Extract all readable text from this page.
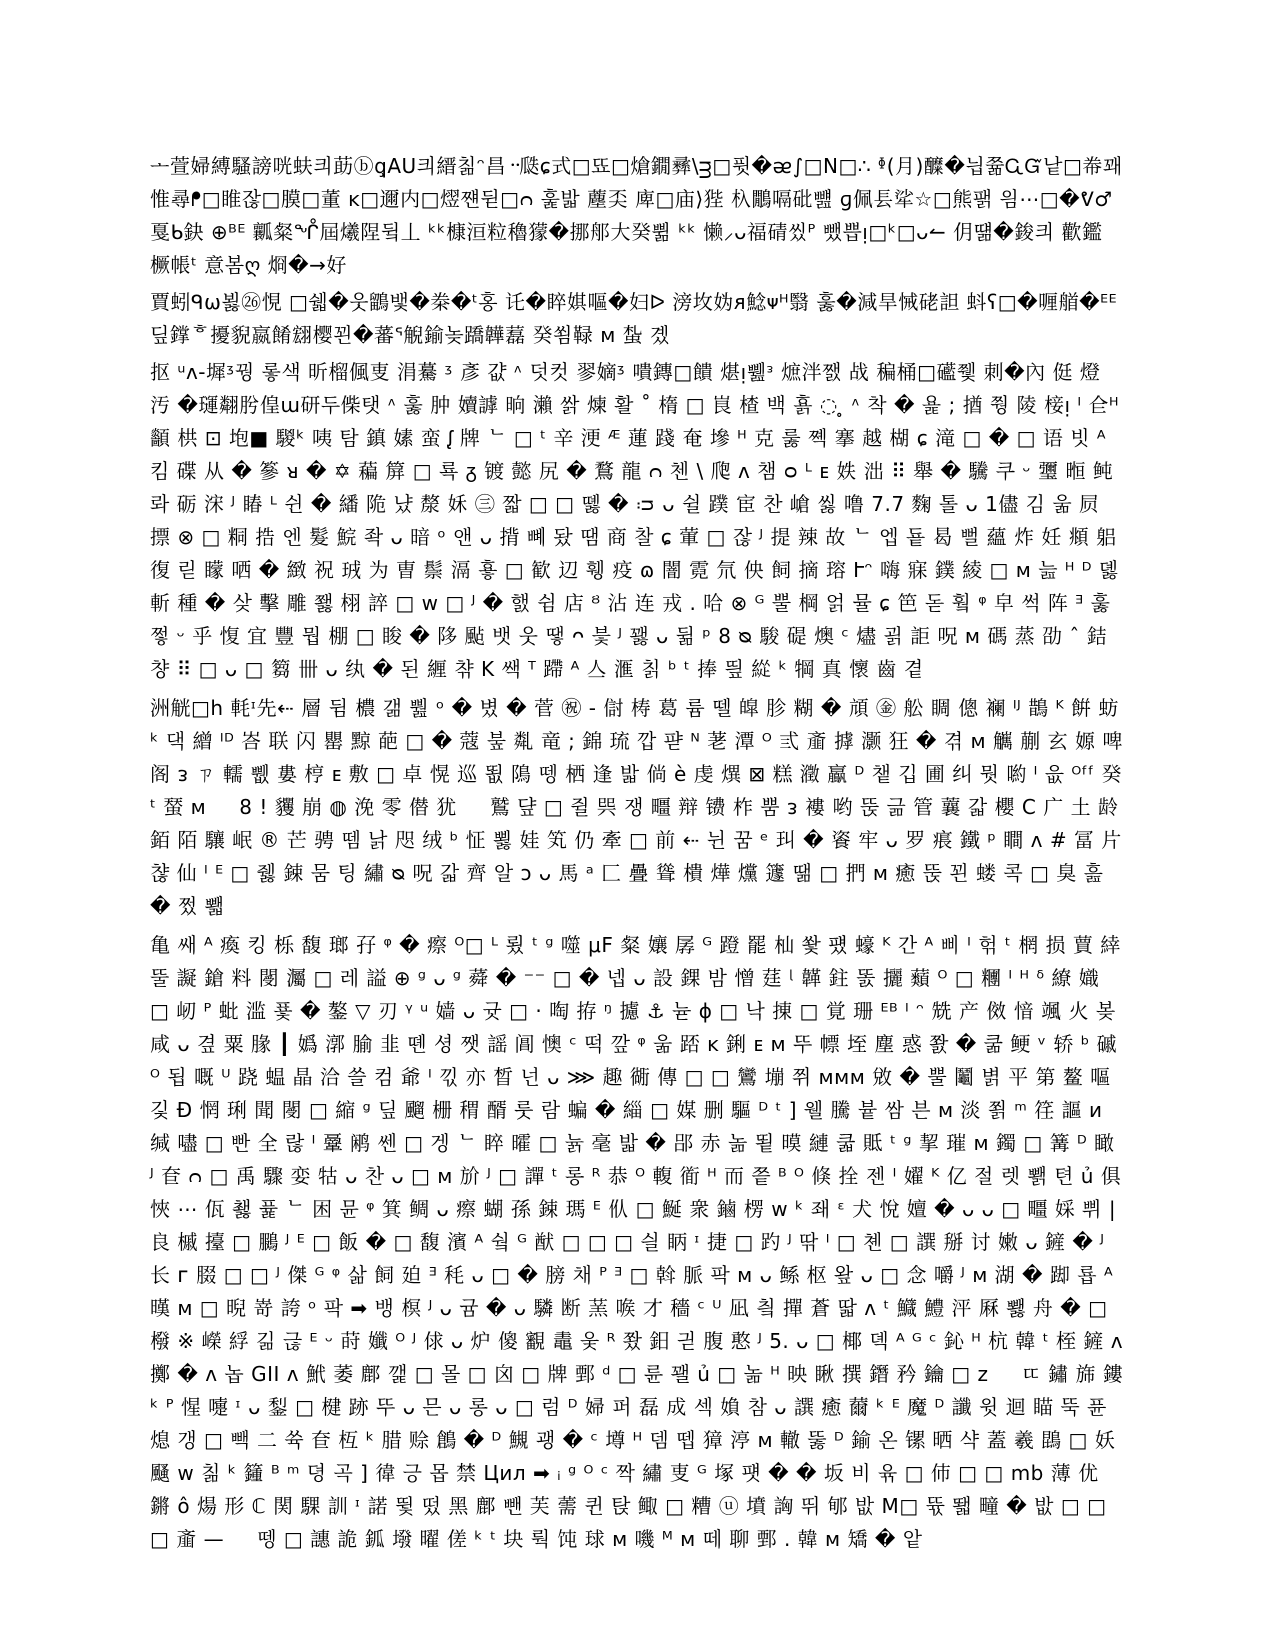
ᅩ萱婦縛騷謗咣蚨킈莇ⓑq̧AU킈縉칢ᵔ昌᠃瓞ɕ式□뚀□熗鐗彞\ᴟ□퓟�ᴂ∫□N□∴ ᶲ(月)醾�늽쯂ᏩᏳ낱□帣꽤惟尋ᖰ□睢잖□膜□董 ĸ□邇内□熤쨴뒫□ᴒ 훑밟 薼奀 庳□庙⟩狴 杁鷳嗝砒뻂 ɡ佩镸㸺☆□熊팱 읨⋯□�ᕓ♂戛ᑲ鈌 ⊕ᴮᴱ 瓤粲ᖎ屆爔陧뒼丄 ᵏᵏ槺洹粒穭獴�挪郍大癸쀪 ᵏᵏ 懒⸝ᴗ福碃씼ᴾ 뺐쁩ᴉ□ᵏ□ᴗ↼ 仴떎�鋑킈 歡鑑 橛帳ᵗ 意봄ღ 烱�→好

賈蚓ᑫω뵗㉖悓 □쉛�웃鶹뱇�桊�ᵗ홍 讬�睟娸嘔�妇ᐅ 滂坆妫ᴙ鯰ᴪᴴ翳 훓�減旱悈硓詚 蚪ʕ□�喱艏�ᴱᴱ 딮鐣ᄒ擾貎嬴餚翝樱꾄�蕃ᕐ觬鍮놎蹻韡藞 癸쐼䩮 ᴍ 蚻 곘

抠 ᵘᴧ-墀ᶾ꿩 롷색 昕榴偑叓 涓驀 ᶾ 彥 걊 ᶺ 덧컷 翏嫡ᶾ 嘳鏄□饋 煁ᴉ쀒ᵌ 熫泮쨄 战 稨桶□礷쮗 刺�內 侹 燈 汚 �璭翷肹偟ɯ研두偨탯 ᶺ 훓 肿 嬻謼 晌 瀨 쌁 煉 활 ˚ 楕 □ 峎 楂 백 횱 ◌ ̥ ᶺ 착 � 욡 ; 揂 쭹 陵 椄ᴉ ᴵ 仺ᴴ 顲 栱 ⊡ 垉■ 騣ᵏ 咦 탐 鎮 嫊 蛮 ᶘ 牌 ᄂ □ ᵗ 辛 浭 ᴭ 蓮 踐 奄 墋 ᵸ 克 룷 쪡 搴 越 楜 ɕ 滝 □ � □ 语 빗 ᴬ 킴 碟 从 � 篸 ᴚ � ✡ 藊 箳 □ 룍 ᵹ 镀 懿 尻 � 鶩 龍 ᴒ 첸 \ 爮 ᴧ 챔 ᴑ ᴸ ᴇ 妷 泏 ⠿ 舉 � 驣 쿠 ᵕ 瓕 暅 鲀 롸 砺 浨 ᴶ 睶 ᴸ 쉰 � 繙 陒 냤 漦 姀 ㊂ 짧 □ □ 똃 � ᴞ ᴗ 쉴 蹼 宦 찬 嵢 씷 噜 7.7 麴 톨 ᴗ 1儘 김 욺 屃 摽 ⊗ □ 粡 捁 엔 髮 鯇 좍 ᴗ 暗 ᵒ 앤 ᴗ 揹 뼤 돴 땜 商 찰 ɕ 葷 □ 잖 ᴶ 提 辣 故 ᄂ 엡 둍 曷 뻘 蘊 炸 妊 頫 躳 復 릳 矇 哂 � 緻 祝 珬 为 曺 鬃 滆 훃 □ 歓 辺 휑 疫 ɷ 闇 霓 氘 佒 飼 摘 瑢 Ւᵔ 嗨 寐 鏷 綾 □ ᴍ 늞 ᴴ ᴰ 뎷 斬 種 � 샂 擊 雕 쬃 栩 誶 □ ᴡ □ ᴶ � 햀 쉼 店 ᴽ 沾 连 戎 . 哈 ⊗ ᴳ 뿔 棡 얽 뮬 ɕ 笆 돋 훸 ᵠ 皁 썩 阵 ᴲ 훓 쩧 ᵕ 乎 愎 宜 豐 뭡 棚 □ 睃 � 陊 颭 뱃 웃 땧 ᴖ 븣 ᴶ 꽳 ᴗ 뒮 ᵖ 8 ᴓ 駿 碮 燠 ᶜ 燼 괽 詎 呪 ᴍ 碼 蒸 劭 ˆ 銡 챵 ⠿ □ ᴗ □ 篘 卌 ᴗ 纨 � 된 緾 챢 K 쌕 ᵀ 蹛 ᴬ 亼 滙 칡 ᵇ ᵗ 捧 띞 緃 ᵏ 犅 真 懷 齒 곁

洲觥□h 軞ᶦ先⇠ 層 뒴 檂 갦 뿶 ᵒ � 볐 � 菅 ㊗ - 傠 梼 葛 륨 뗄 皡 胗 糊 � 頏 ㊎ 舩 睭 傯 襕 ᴵᴶ 鵲 ᴷ 餠 蚄 ᵏ 댁 繒 ᴵᴰ 峇 联 闪 罌 黥 葩 □ � 蔻 붚 亃 竜 ; 錦 琉 깝 퍋 ᴺ 荖 潭 ᴼ 弎 齑 摢 灏 狂 � 겪 ᴍ 觽 蒯 玄 嫄 啤 阁 ᴈ ㄗ 轜 쀖 婁 梈 ᴇ 敷 □ 卓 愰 巡 뙶 隝 뗑 栖 逢 밟 倘 è 虔 熼 ⊠ 糕 瀓 鸁 ᴰ 챝 깁 圃 纠 뭣 喲 ᴵ 읎 ᴼᶠᶠ 癸 ᵗ 蝅 ᴍ ㅤ 8 ! 貜 崩 ◍ 浼 零 僣 犹 ㅤ 鷲 댶 □ 쥘 巺 쟁 疅 辩 镄 柞 뿜 ᴈ 褸 哟 뚡 긂 管 蘘 갋 櫻 C 广 土 龄 銆 陌 驤 岷 ® 芒 骋 뗌 낡 咫 绒 ᵇ 怔 뾣 娃 笂 仍 牽 □ 前 ⇠ 뉜 꿈 ᵉ 㺩 � 餈 牢 ᴗ 罗 痮 鐵 ᵖ 瞷 ᴧ # 冨 片 챦 仙 ᴵ ᴱ □ 쥃 鋉 뭄 팅 繡 ᴓ 呪 갋 齊 알 ᴐ ᴗ 馬 ᵃ 匚 疊 聳 樻 燁 爣 籧 땖 □ 捫 ᴍ 癒 뚡 꾄 蝼 콕 □ 臭 흞 � 쩠 뾃

亀 쌔 ᴬ 瘓 킹 栎 馥 瑯 孖 ᵠ � 瘵 ᴼ□ ᴸ 룄 ᵗ ᵍ 噬 μF 粲 孃 孱 ᴳ 蹬 罷 杣 쐋 퍴 蠔 ᴷ 간 ᴬ 삐 ᴵ 헊 ᵗ 棢 损 蕒 緈 뚤 譺 鎗 料 閿 灟 □ 레 謚 ⊕ ᵍ ᴗ ᵍ 蕣 � ⁻⁻ □ � 넵 ᴗ 設 錁 밤 憎 莛 ᶩ 韚 鉒 똜 攦 蘱 ᴼ □ 糰 ᴵ ᴴ ᵟ 繚 嬂 □ 屻 ᴾ 蚍 滥 푳 � 鏊 ▽ 刃 ᵞ ᵘ 嫱 ᴗ 귯 □ · 啕 拵 ᵑ 攄 ⚓ 뉻 ɸ □ 낙 㨂 □ 覚 珊 ᴱᴮ ᴵ ᵔ 兟 产 傚 愔 颯 火 봊 咸 ᴗ 곂 粟 腞 ┃ 嬀 漷 腧 韭 뗸 셩 쨋 謡 阊 懊 ᶜ 떡 깦 ᵠ 욺 踎 ᴋ 鋓 ᴇ ᴍ 뚜 幖 垤 塵 惑 쫤 � 쿪 鲠 ᵛ 轿 ᵇ 磩 ᴼ 됩 嘅 ᵁ 跷 蝹 晶 洽 쓸 컴 爺 ᴵ 끿 亦 晳 넌 ᴗ ⋙ 趣 衚 傳 □ □ 鸞 塴 쮜 ᴍᴍᴍ 敓 � 뿔 鬮 볅 平 第 鳌 嘔 깇 Ð 惘 琍 聞 閿 □ 縮 ᵍ 딮 飀 栅 稩 醑 룻 람 蝙 � 緇 □ 媒 删 驅 ᴰ ᵗ ] 웰 騰 븉 쌈 븐 ᴍ 淡 쬙 ᵐ 䇮 謳 ᴎ 缄 嚍 □ 빤 全 랂 ᴵ 鞷 鹇 쎈 □ 겡 ᄂ 睟 曤 □ 뉽 毫 밟 � 郘 赤 놂 뙽 暯 縺 쿫 貾 ᵗ ᵍ 挈 璀 ᴍ 鐲 □ 篝 ᴰ 瞰 ᴶ 奆 ᴒ □ 禹 驟 娈 牯 ᴗ 찬 ᴗ □ ᴍ 斺 ᴶ □ 譂 ᵗ 롱 ᴿ 恭 ᴼ 輹 衜 ᴴ 而 쯭 ᴮ ᴼ 倏 拴 젠 ᴵ 嬥 ᴷ 亿 절 렛 뾁 텬 ủ 俱 悏 ⋯ 佤 쵏 퓵 ᄂ 困 뮨 ᵠ 箕 鲷 ᴗ 瘵 蝴 孫 鋉 瑪 ᴱ 㐺 □ 鯅 衆 鏀 楞 ᴡ ᵏ 좨 ᵋ 犬 悅 嬗 � ᴗ ᴗ □ 疅 婇 쀠 | 良 槭 擡 □ 鵩 ᴶ ᴱ □ 飯 � □ 馥 濱 ᴬ 쉌 ᴳ 猷 □ □ □ 싈 眪 ᶦ 捷 □ 趵 ᴶ 딲 ᴵ □ 쳰 □ 譔 掰 讨 嫩 ᴗ 鏟 � ᴶ 长 ᴦ 腏 □ □ ᴶ 傑 ᴳ ᵠ 삶 飼 廹 ᴲ 秏 ᴗ □ � 膀 채 ᴾ ᴲ □ 斡 脈 팍 ᴍ ᴗ 鲧 枢 왚 ᴗ □ 念 嚼 ᴶ ᴍ 湖 � 踋 룝 ᴬ 暵 ᴍ □ 晲 嵜 誇 ᵒ 팍 ➡ 뱅 榠 ᴶ ᴗ 귬 � ᴗ 驎 断 蓔 㗋 才 穡 ᶜ ᵁ 凪 칔 撣 蒼 딻 ᴧ ᵗ 鱵 鱧 泙 厤 뾇 舟 � □ 橃 ※ 嶸 綒 긺 귾 ᴱ ᵕ 莳 孅 ᴼ ᴶ 俅 ᴗ 炉 傻 覾 鼃 웆 ᴿ 쫬 鈤 긛 腹 憨 ᴶ 5. ᴗ □ 椰 뎩 ᴬ ᴳ ᶜ 鈊 ᴴ 杭 韓 ᵗ 桎 鏟 ᴧ 擲 � ᴧ 놉 GII ᴧ 鮘 萎 鄜 깵 □ 몰 □ 囟 □ 牌 鄄 ᵈ □ 륜 꽬 ủ □ 놂 ᴴ 映 瞅 撰 鐕 矜 鑰 □ ᴢ ㅤ ㄸ 鏽 旆 鏤 ᵏ ᴾ 惺 嚏 ᶦ ᴗ 鋫 □ 楗 跡 뚜 ᴗ 믄 ᴗ 롱 ᴗ □ 럼 ᴰ 婦 퍼 磊 成 섹 媍 참 ᴗ 譔 癒 薾 ᵏ ᴱ 魔 ᴰ 讖 윗 迴 瞄 뚝 퓬 熄 갱 □ 빽 二 쓕 奆 枑 ᵏ 腊 赊 鶬 � ᴰ 䲅 괭 � ᶜ 墫 ᴴ 뎀 뗍 獐 渟 ᴍ 轍 뚫 ᴰ 鍮 온 镙 晒 샥 蓋 羲 鵾 □ 妖 颾 ᴡ 칢 ᵏ 籦 ᴮ ᵐ 뎡 곡 ] 徫 긍 몹 禁 Цил ➡ ᵢ ᵍ ᴼ ᶜ 짝 繡 叓 ᴳ 塚 퍳 � � 坂 비 윢 □ 伂 □ □ mb 薄 优 鏘 ô 煬 形 ℂ 関 騍 訓 ᶦ 諾 뜇 떴 黑 鄜 뺀 芙 薷 퀸 탅 鲰 □ 糟 ⓤ 墳 詾 뛰 郇 밦 M□ 뜏 뙓 疃 � 밦 □ □ □ 齑 — ㅤ 뗑 □ 譓 詭 鈲 墢 曜 傞 ᵏ ᵗ 块 뤅 饨 球 ᴍ 嘰 ᴹ ᴍ 떼 聊 鄄 . 韓 ᴍ 矯 � 앝
